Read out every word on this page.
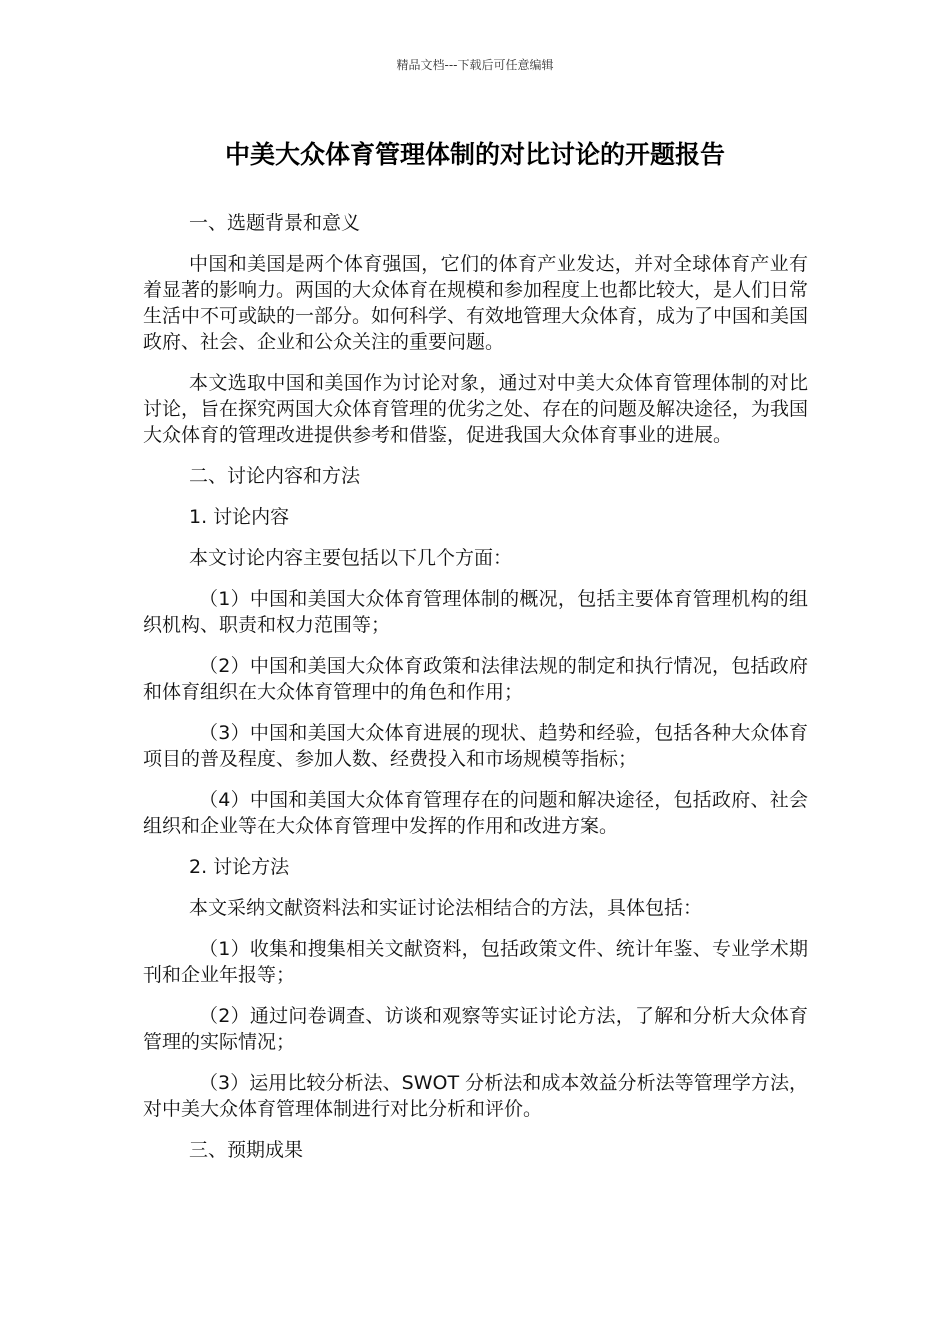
精品文档---下载后可任意编辑
中美大众体育管理体制的对比讨论的开题报告

一、选题背景和意义

中国和美国是两个体育强国，它们的体育产业发达，并对全球体育产业有着显著的影响力。两国的大众体育在规模和参加程度上也都比较大，是人们日常生活中不可或缺的一部分。如何科学、有效地管理大众体育，成为了中国和美国政府、社会、企业和公众关注的重要问题。

本文选取中国和美国作为讨论对象，通过对中美大众体育管理体制的对比讨论，旨在探究两国大众体育管理的优劣之处、存在的问题及解决途径，为我国大众体育的管理改进提供参考和借鉴，促进我国大众体育事业的进展。

二、讨论内容和方法

1. 讨论内容

本文讨论内容主要包括以下几个方面：

（1）中国和美国大众体育管理体制的概况，包括主要体育管理机构的组织机构、职责和权力范围等；

（2）中国和美国大众体育政策和法律法规的制定和执行情况，包括政府和体育组织在大众体育管理中的角色和作用；

（3）中国和美国大众体育进展的现状、趋势和经验，包括各种大众体育项目的普及程度、参加人数、经费投入和市场规模等指标；

（4）中国和美国大众体育管理存在的问题和解决途径，包括政府、社会组织和企业等在大众体育管理中发挥的作用和改进方案。

2. 讨论方法

本文采纳文献资料法和实证讨论法相结合的方法，具体包括：

（1）收集和搜集相关文献资料，包括政策文件、统计年鉴、专业学术期刊和企业年报等；

（2）通过问卷调查、访谈和观察等实证讨论方法，了解和分析大众体育管理的实际情况；

（3）运用比较分析法、SWOT 分析法和成本效益分析法等管理学方法，对中美大众体育管理体制进行对比分析和评价。

三、预期成果
